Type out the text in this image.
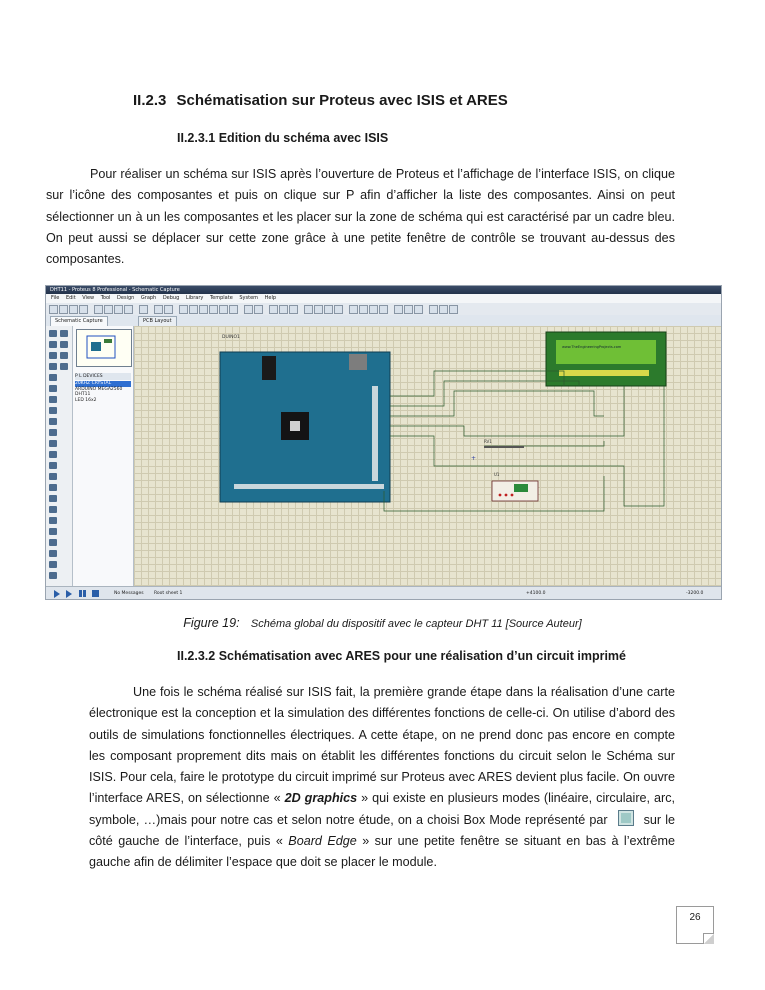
II.2.3 Schématisation sur Proteus avec ISIS et ARES
II.2.3.1 Edition du schéma avec ISIS

Pour réaliser un schéma sur ISIS après l’ouverture de Proteus et l’affichage de l’interface ISIS, on clique sur l’icône des composantes et puis on clique sur P afin d’afficher la liste des composantes. Ainsi on peut sélectionner un à un les composantes et les placer sur la zone de schéma qui est caractérisé par un cadre bleu. On peut aussi se déplacer sur cette zone grâce à une petite fenêtre de contrôle se trouvant au-dessus des composantes.

DHT11 - Proteus 8 Professional - Schematic Capture
File Edit View Tool Design Graph Debug Library Template System Help
Schematic Capture	PCB Layout
P L DEVICES
20KHZ CRYSTAL
ARDUINO MEGA2560
DHT11
LED 16x2
DUINO1
www.TheEngineeringProjects.com
RV1
U1
+
No Messages Root sheet 1	+4100.0	-3200.0
Figure 19: Schéma global du dispositif avec le capteur DHT 11 [Source Auteur]
II.2.3.2 Schématisation avec ARES pour une réalisation d’un circuit imprimé

Une fois le schéma réalisé sur ISIS fait, la première grande étape dans la réalisation d’une carte électronique est la conception et la simulation des différentes fonctions de celle-ci. On utilise d’abord des outils de simulations fonctionnelles électriques. A cette étape, on ne prend donc pas encore en compte les composant proprement dits mais on établit les différentes fonctions du circuit selon le Schéma sur ISIS. Pour cela, faire le prototype du circuit imprimé sur Proteus avec ARES devient plus facile. On ouvre l’interface ARES, on sélectionne « 2D graphics » qui existe en plusieurs modes (linéaire, circulaire, arc, symbole, …)mais pour notre cas et selon notre étude, on a choisi Box Mode représenté par	sur le côté gauche de l’interface, puis « Board Edge » sur une petite fenêtre se situant en bas à l’extrême gauche afin de délimiter l’espace que doit se placer le module.

26
